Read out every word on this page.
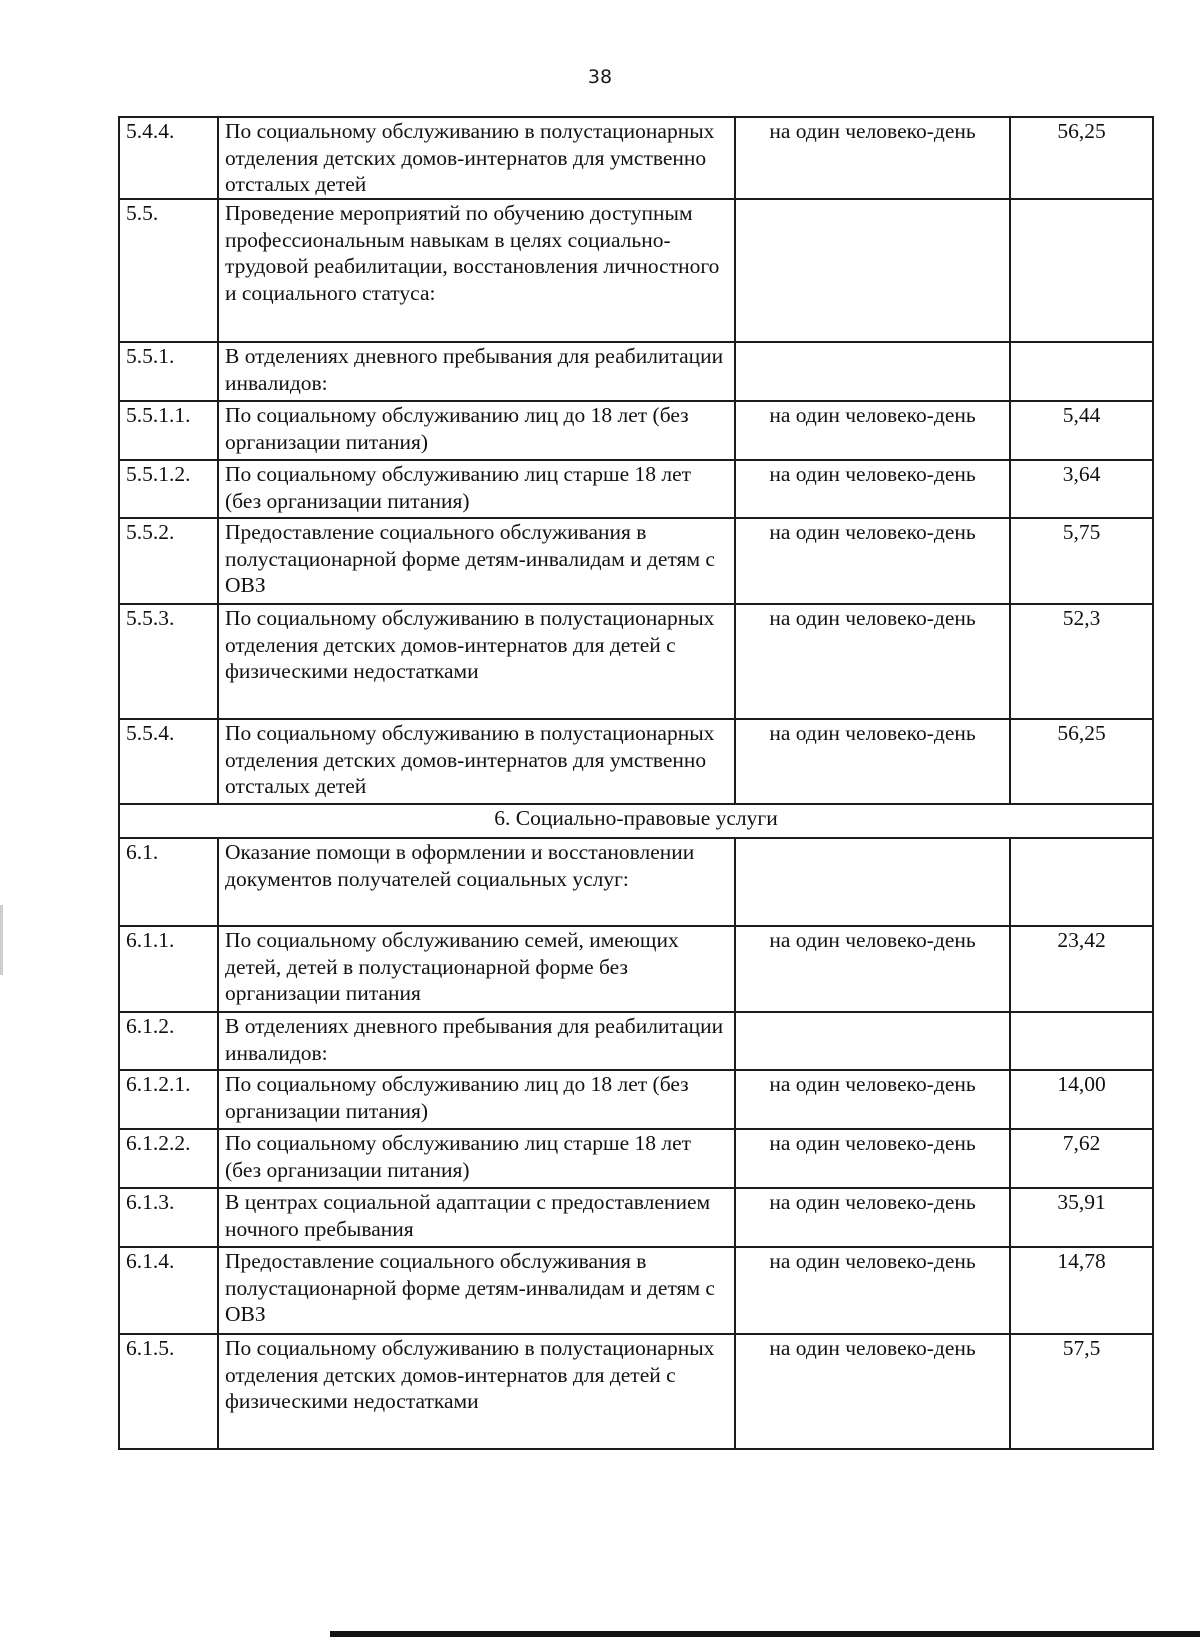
38
5.4.4.	По социальному обслуживанию в полустационарных отделения детских домов-интернатов для умственно отсталых детей	на один человеко-день	56,25
5.5.	Проведение мероприятий по обучению доступным профессиональным навыкам в целях социально-трудовой реабилитации, восстановления личностного и социального статуса:		
5.5.1.	В отделениях дневного пребывания для реабилитации инвалидов:		
5.5.1.1.	По социальному обслуживанию лиц до 18 лет (без организации питания)	на один человеко-день	5,44
5.5.1.2.	По социальному обслуживанию лиц старше 18 лет (без организации питания)	на один человеко-день	3,64
5.5.2.	Предоставление социального обслуживания в полустационарной форме детям-инвалидам и детям с ОВЗ	на один человеко-день	5,75
5.5.3.	По социальному обслуживанию в полустационарных отделения детских домов-интернатов для детей с физическими недостатками	на один человеко-день	52,3
5.5.4.	По социальному обслуживанию в полустационарных отделения детских домов-интернатов для умственно отсталых детей	на один человеко-день	56,25
6. Социально-правовые услуги			
6.1.	Оказание помощи в оформлении и восстановлении документов получателей социальных услуг:		
6.1.1.	По социальному обслуживанию семей, имеющих детей, детей в полустационарной форме без организации питания	на один человеко-день	23,42
6.1.2.	В отделениях дневного пребывания для реабилитации инвалидов:		
6.1.2.1.	По социальному обслуживанию лиц до 18 лет (без организации питания)	на один человеко-день	14,00
6.1.2.2.	По социальному обслуживанию лиц старше 18 лет (без организации питания)	на один человеко-день	7,62
6.1.3.	В центрах социальной адаптации с предоставлением ночного пребывания	на один человеко-день	35,91
6.1.4.	Предоставление социального обслуживания в полустационарной форме детям-инвалидам и детям с ОВЗ	на один человеко-день	14,78
6.1.5.	По социальному обслуживанию в полустационарных отделения детских домов-интернатов для детей с физическими недостатками	на один человеко-день	57,5
